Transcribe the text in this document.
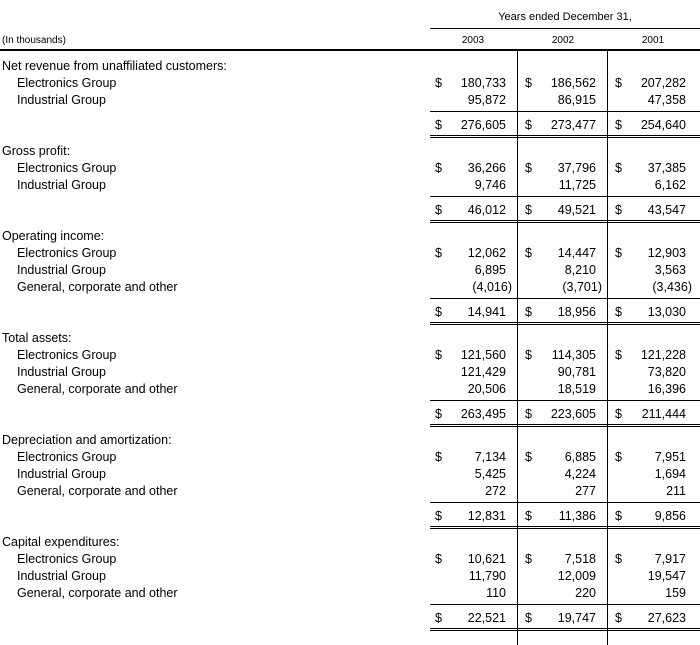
Years ended December 31,
(In thousands)	2003	2002	2001
Net revenue from unaffiliated customers:
Electronics Group	$ 180,733 $ 186,562 $ 207,282
Industrial Group	95,872	86,915	47,358
$ 276,605 $ 273,477 $ 254,640
Gross profit:
Electronics Group	$ 36,266 $ 37,796 $ 37,385
Industrial Group	9,746	11,725	6,162
$ 46,012 $ 49,521 $ 43,547
Operating income:
Electronics Group	$ 12,062 $ 14,447 $ 12,903
Industrial Group	6,895	8,210	3,563
General, corporate and other	(4,016)	(3,701)	(3,436)
$ 14,941 $ 18,956 $ 13,030
Total assets:
Electronics Group	$ 121,560 $ 114,305 $ 121,228
Industrial Group	121,429	90,781	73,820
General, corporate and other	20,506	18,519	16,396
$ 263,495 $ 223,605 $ 211,444
Depreciation and amortization:
Electronics Group	$	7,134 $	6,885 $	7,951
Industrial Group	5,425	4,224	1,694
General, corporate and other	272	277	211
$ 12,831 $ 11,386 $	9,856
Capital expenditures:
Electronics Group	$ 10,621 $	7,518 $	7,917
Industrial Group	11,790	12,009	19,547
General, corporate and other	110	220	159
$ 22,521 $ 19,747 $ 27,623
